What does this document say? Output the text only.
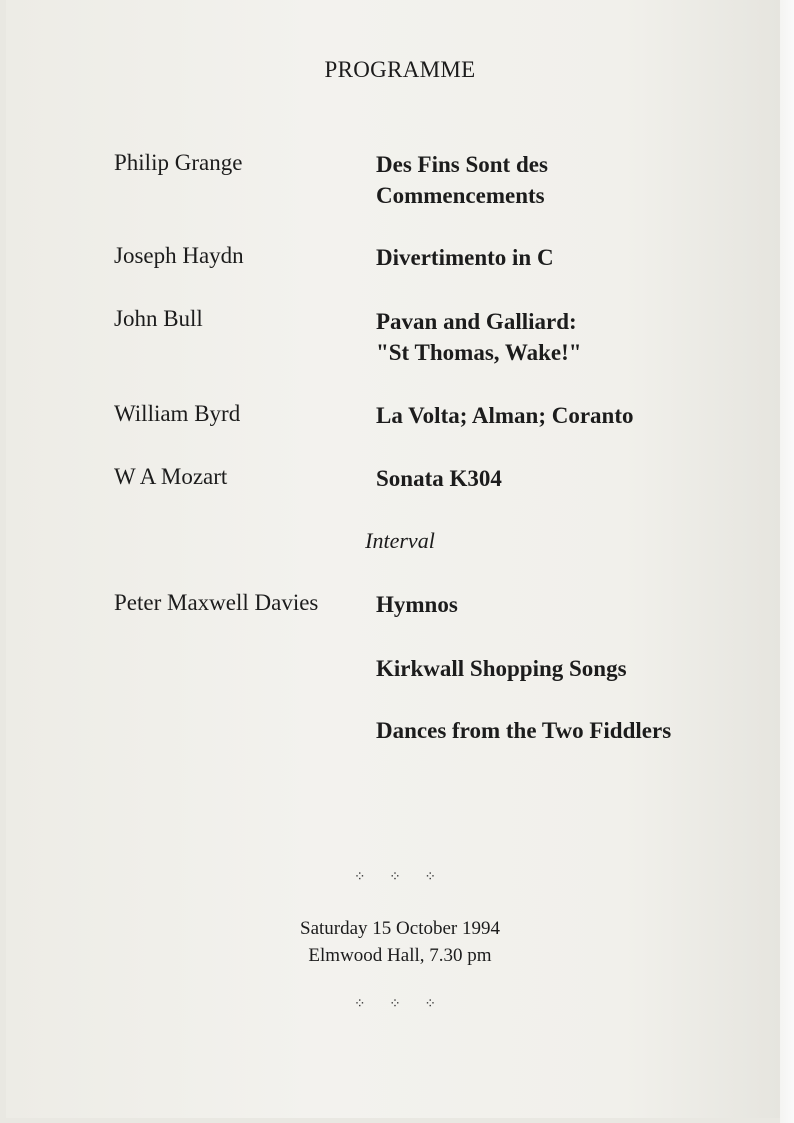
PROGRAMME
Philip Grange	Des Fins Sont des
Commencements
Joseph Haydn	Divertimento in C
John Bull	Pavan and Galliard:
"St Thomas, Wake!"
William Byrd	La Volta; Alman; Coranto
W A Mozart	Sonata K304
Interval
Peter Maxwell Davies	Hymnos
Kirkwall Shopping Songs
Dances from the Two Fiddlers
⁘ ⁘ ⁘
Saturday 15 October 1994
Elmwood Hall, 7.30 pm
⁘ ⁘ ⁘
